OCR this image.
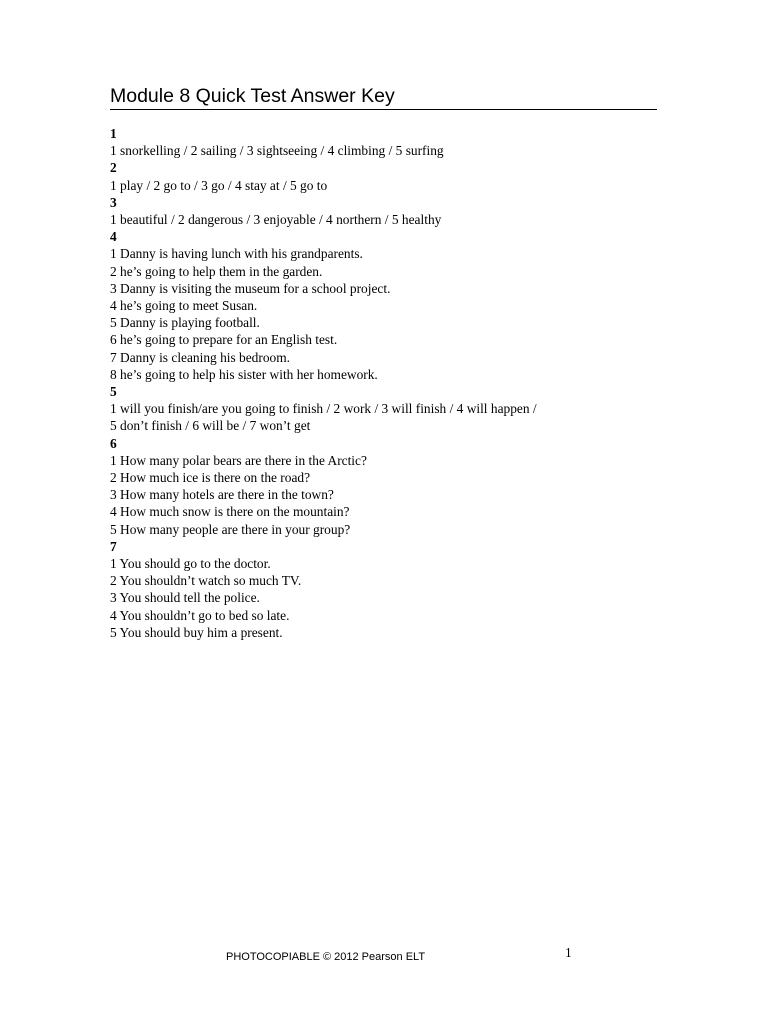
Module 8 Quick Test Answer Key
1
1 snorkelling / 2 sailing / 3 sightseeing / 4 climbing / 5 surfing
2
1 play / 2 go to / 3 go / 4 stay at / 5 go to
3
1 beautiful / 2 dangerous / 3 enjoyable / 4 northern / 5 healthy
4
1 Danny is having lunch with his grandparents.
2 he’s going to help them in the garden.
3 Danny is visiting the museum for a school project.
4 he’s going to meet Susan.
5 Danny is playing football.
6 he’s going to prepare for an English test.
7 Danny is cleaning his bedroom.
8 he’s going to help his sister with her homework.
5
1 will you finish/are you going to finish / 2 work / 3 will finish / 4 will happen /
5 don’t finish / 6 will be / 7 won’t get
6
1 How many polar bears are there in the Arctic?
2 How much ice is there on the road?
3 How many hotels are there in the town?
4 How much snow is there on the mountain?
5 How many people are there in your group?
7
1 You should go to the doctor.
2 You shouldn’t watch so much TV.
3 You should tell the police.
4 You shouldn’t go to bed so late.
5 You should buy him a present.
PHOTOCOPIABLE © 2012 Pearson ELT	1
